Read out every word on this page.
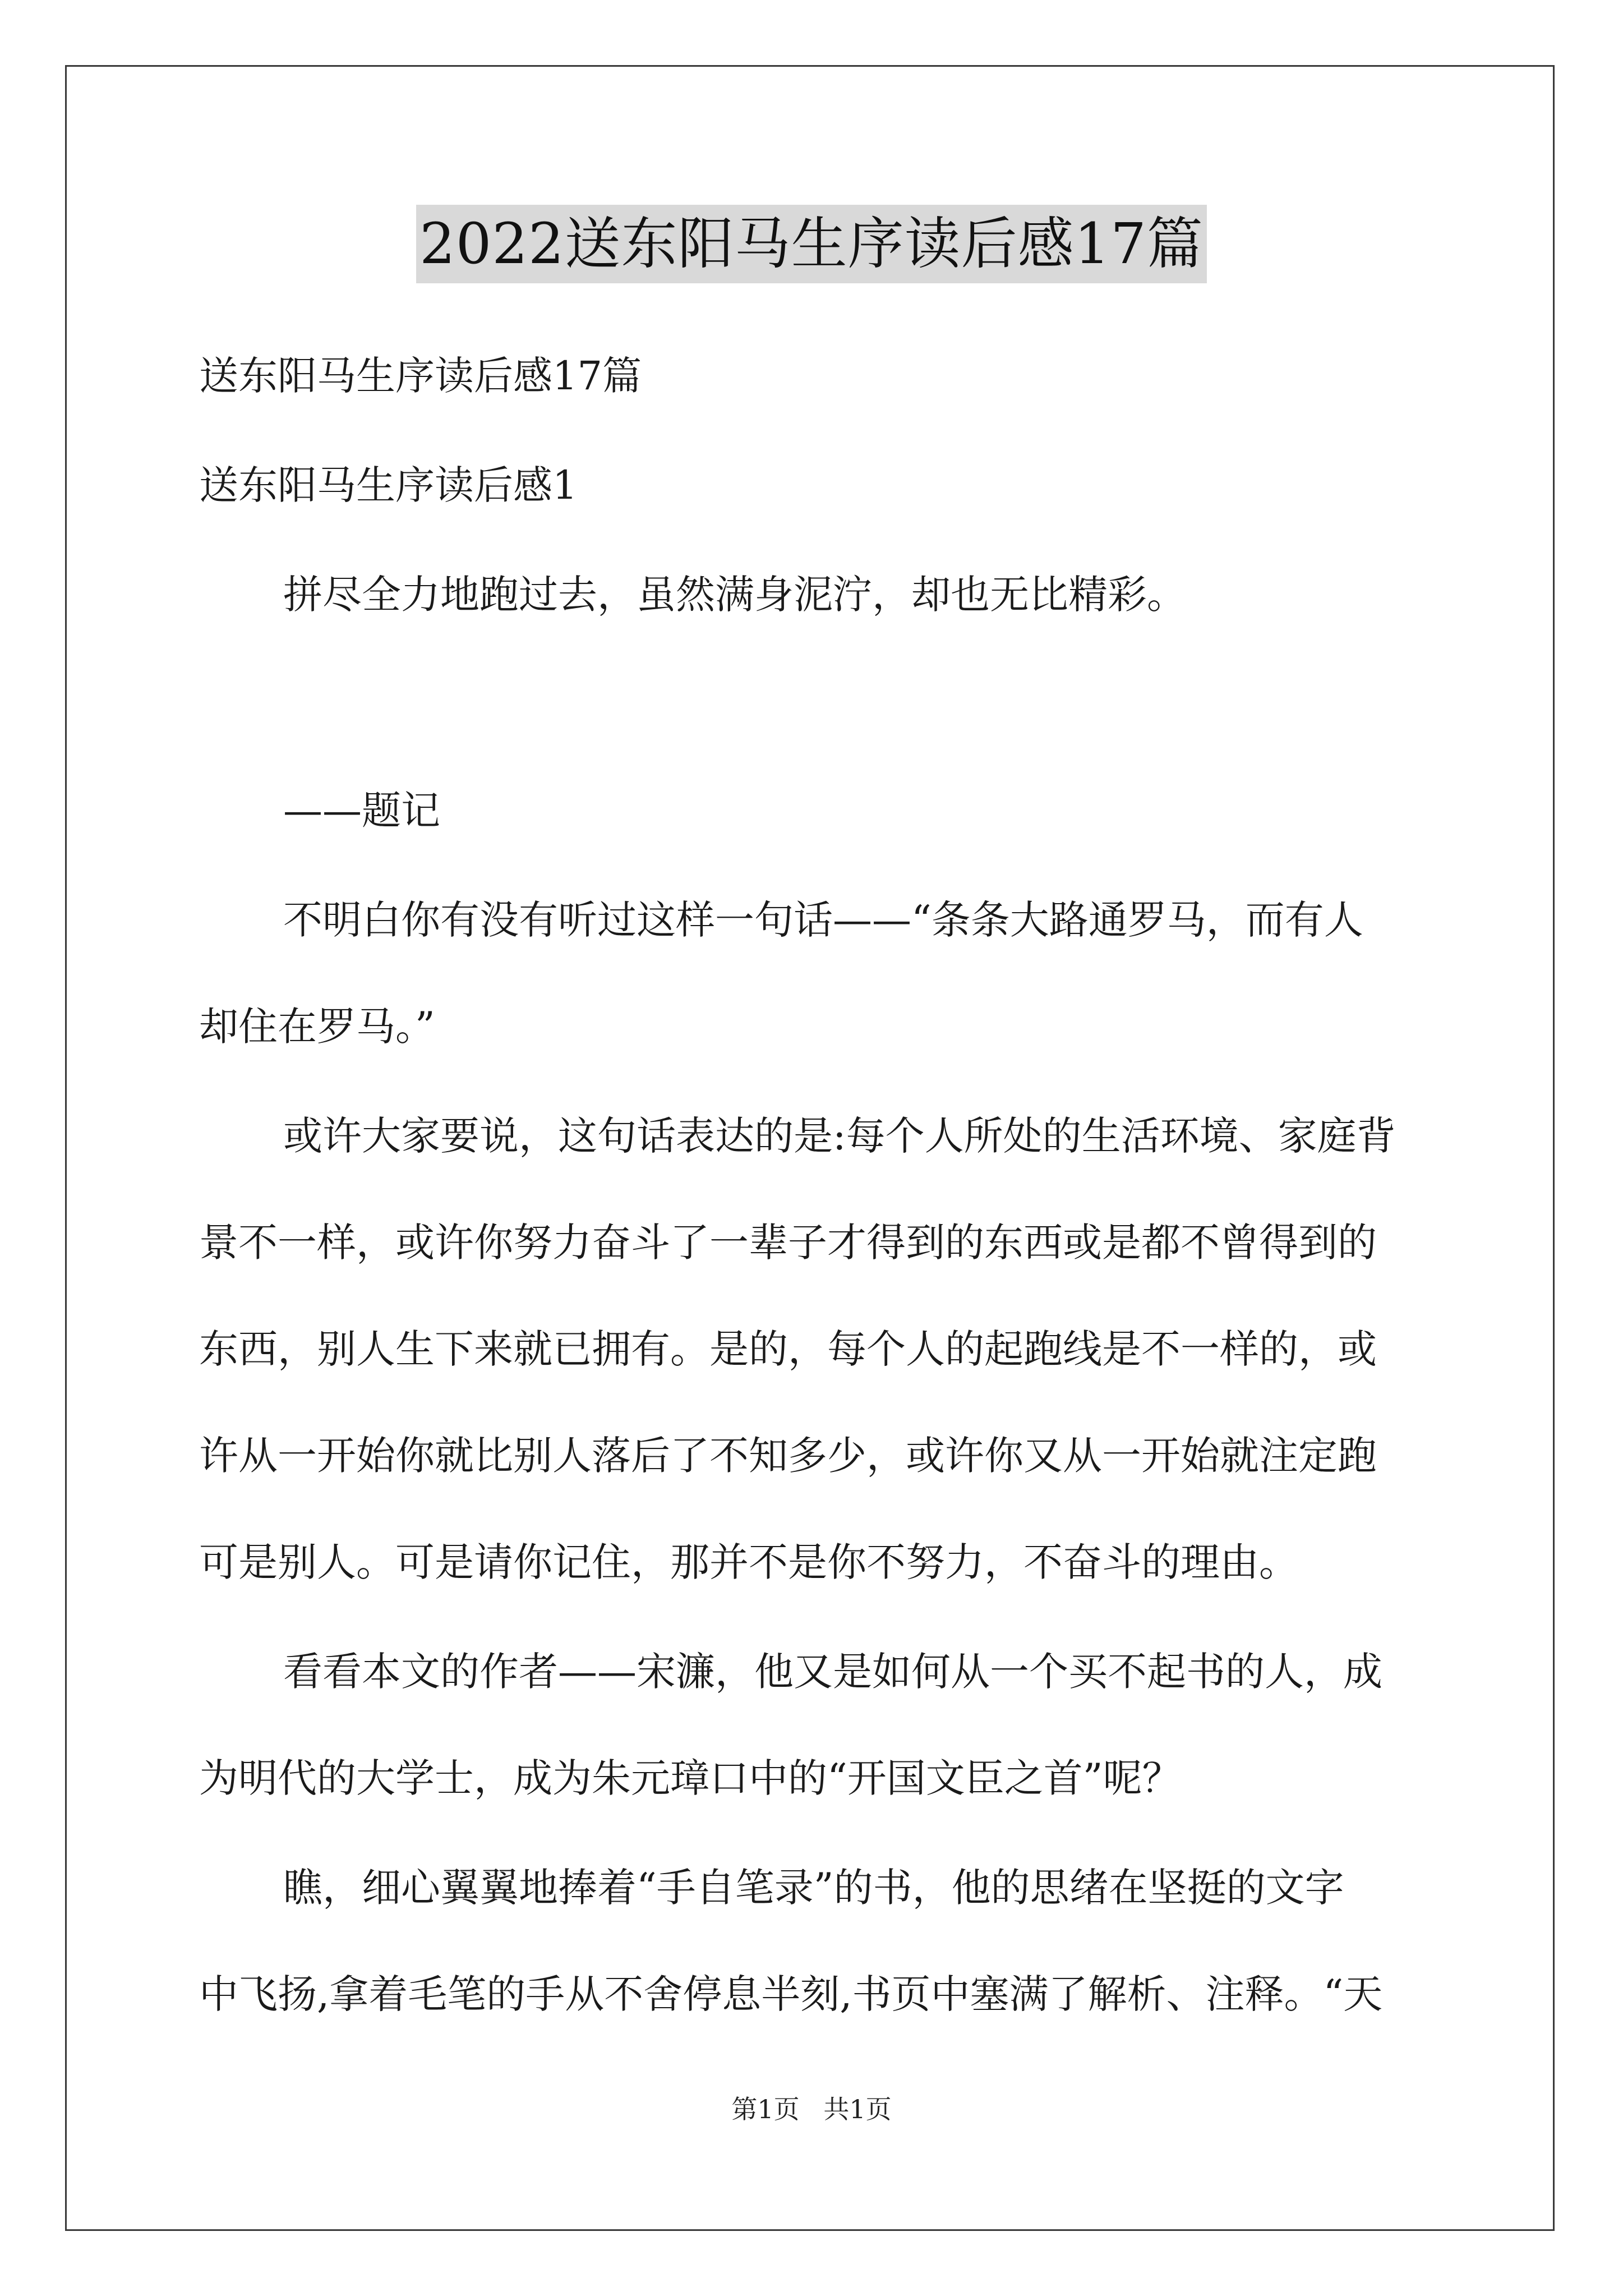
2022送东阳马生序读后感17篇
送东阳马生序读后感17篇
送东阳马生序读后感1
拼尽全力地跑过去，虽然满身泥泞，却也无比精彩。
——题记
不明白你有没有听过这样一句话——“条条大路通罗马，而有人
却住在罗马。”
或许大家要说，这句话表达的是:每个人所处的生活环境、家庭背
景不一样，或许你努力奋斗了一辈子才得到的东西或是都不曾得到的
东西，别人生下来就已拥有。是的，每个人的起跑线是不一样的，或
许从一开始你就比别人落后了不知多少，或许你又从一开始就注定跑
可是别人。可是请你记住，那并不是你不努力，不奋斗的理由。
看看本文的作者——宋濂，他又是如何从一个买不起书的人，成
为明代的大学士，成为朱元璋口中的“开国文臣之首”呢？
瞧，细心翼翼地捧着“手自笔录”的书，他的思绪在坚挺的文字
中飞扬,拿着毛笔的手从不舍停息半刻,书页中塞满了解析、注释。“天
第1页 共1页
